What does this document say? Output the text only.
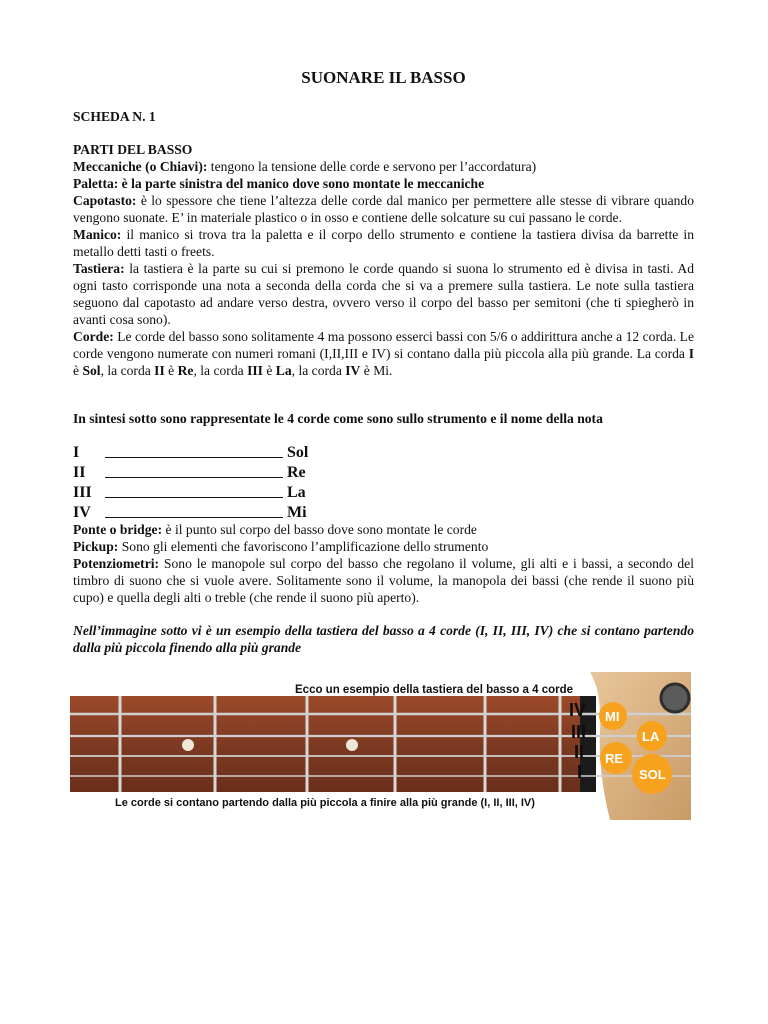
SUONARE IL BASSO
SCHEDA N. 1

PARTI DEL BASSO

Meccaniche (o Chiavi): tengono la tensione delle corde e servono per l’accordatura)

Paletta: è la parte sinistra del manico dove sono montate le meccaniche

Capotasto: è lo spessore che tiene l’altezza delle corde dal manico per permettere alle stesse di vibrare quando vengono suonate. E’ in materiale plastico o in osso e contiene delle solcature su cui passano le corde.

Manico: il manico si trova tra la paletta e il corpo dello strumento e contiene la tastiera divisa da barrette in metallo detti tasti o freets.

Tastiera: la tastiera è la parte su cui si premono le corde quando si suona lo strumento ed è divisa in tasti. Ad ogni tasto corrisponde una nota a seconda della corda che si va a premere sulla tastiera. Le note sulla tastiera seguono dal capotasto ad andare verso destra, ovvero verso il corpo del basso per semitoni (che ti spiegherò in avanti cosa sono).

Corde: Le corde del basso sono solitamente 4 ma possono esserci bassi con 5/6 o addirittura anche a 12 corda. Le corde vengono numerate con numeri romani (I,II,III e IV) si contano dalla più piccola alla più grande. La corda I è Sol, la corda II è Re, la corda III è La, la corda IV è Mi.

In sintesi sotto sono rappresentate le 4 corde come sono sullo strumento e il nome della nota
I	Sol
II	Re
III	La
IV	Mi

Ponte o bridge: è il punto sul corpo del basso dove sono montate le corde

Pickup: Sono gli elementi che favoriscono l’amplificazione dello strumento

Potenziometri: Sono le manopole sul corpo del basso che regolano il volume, gli alti e i bassi, a secondo del timbro di suono che si vuole avere. Solitamente sono il volume, la manopola dei bassi (che rende il suono più cupo) e quella degli alti o treble (che rende il suono più aperto).

Nell’immagine sotto vi è un esempio della tastiera del basso a 4 corde (I, II, III, IV) che si contano partendo dalla più piccola finendo alla più grande
MI
LA
RE
SOL
IV
III
II
I
Ecco un esempio della tastiera del basso a 4 corde
Le corde si contano partendo dalla più piccola a finire alla più grande (I, II, III, IV)
